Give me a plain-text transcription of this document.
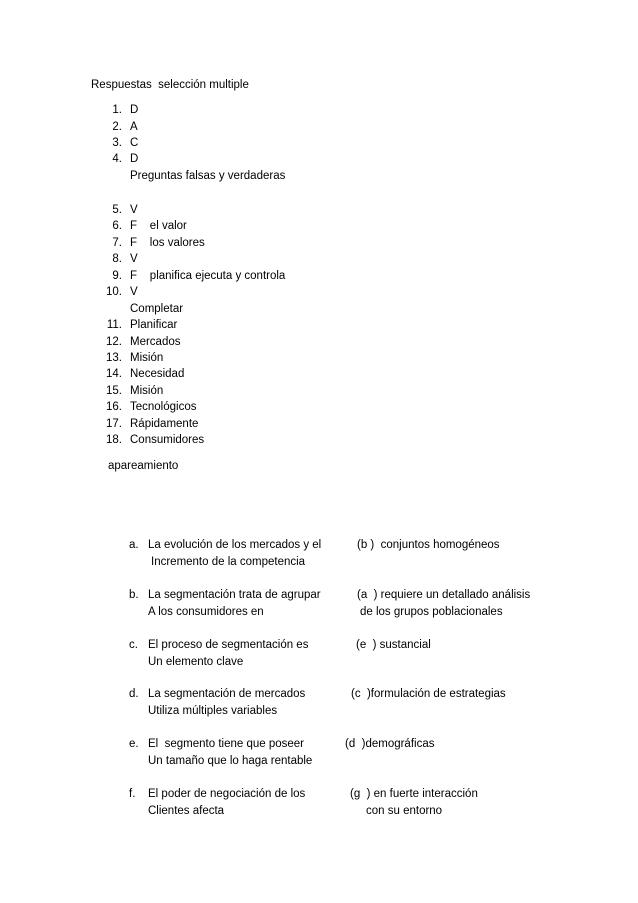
Respuestas  selección multiple
1. D
2. A
3. C
4. D
Preguntas falsas y verdaderas
5. V
6. F    el valor
7. F    los valores
8. V
9. F    planifica ejecuta y controla
10. V
Completar
11. Planificar
12. Mercados
13. Misión
14. Necesidad
15. Misión
16. Tecnológicos
17. Rápidamente
18. Consumidores
apareamiento
a. La evolución de los mercados y el
Incremento de la competencia
(b )  conjuntos homogéneos
b. La segmentación trata de agrupar
A los consumidores en
(a  ) requiere un detallado análisis
de los grupos poblacionales
c. El proceso de segmentación es
Un elemento clave
(e  ) sustancial
d. La segmentación de mercados
Utiliza múltiples variables
(c  )formulación de estrategias
e. El  segmento tiene que poseer
Un tamaño que lo haga rentable
(d  )demográficas
f. El poder de negociación de los
Clientes afecta
(g  ) en fuerte interacción
con su entorno
